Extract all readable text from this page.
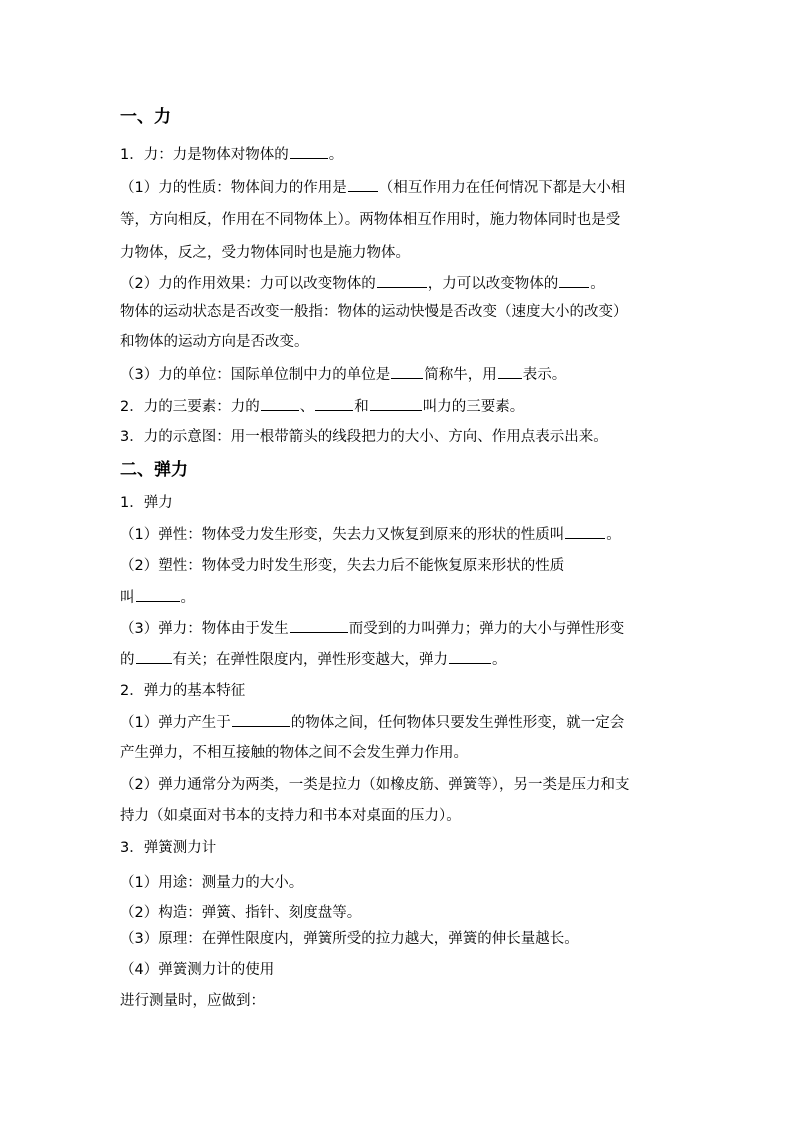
一、力
1．力：力是物体对物体的	。
（1）力的性质：物体间力的作用是 （相互作用力在任何情况下都是大小相
等，方向相反，作用在不同物体上）。两物体相互作用时，施力物体同时也是受
力物体，反之，受力物体同时也是施力物体。
（2）力的作用效果：力可以改变物体的	，力可以改变物体的 。
物体的运动状态是否改变一般指：物体的运动快慢是否改变（速度大小的改变）
和物体的运动方向是否改变。
（3）力的单位：国际单位制中力的单位是 简称牛，用 表示。
2．力的三要素：力的	、	和	叫力的三要素。
3．力的示意图：用一根带箭头的线段把力的大小、方向、作用点表示出来。
二、弹力
1．弹力
（1）弹性：物体受力发生形变，失去力又恢复到原来的形状的性质叫	。
（2）塑性：物体受力时发生形变，失去力后不能恢复原来形状的性质
叫	。
（3）弹力：物体由于发生	而受到的力叫弹力；弹力的大小与弹性形变
的	有关；在弹性限度内，弹性形变越大，弹力	。
2．弹力的基本特征
（1）弹力产生于	的物体之间，任何物体只要发生弹性形变，就一定会
产生弹力，不相互接触的物体之间不会发生弹力作用。
（2）弹力通常分为两类，一类是拉力（如橡皮筋、弹簧等），另一类是压力和支
持力（如桌面对书本的支持力和书本对桌面的压力）。
3．弹簧测力计
（1）用途：测量力的大小。
（2）构造：弹簧、指针、刻度盘等。
（3）原理：在弹性限度内，弹簧所受的拉力越大，弹簧的伸长量越长。
（4）弹簧测力计的使用
进行测量时，应做到：
